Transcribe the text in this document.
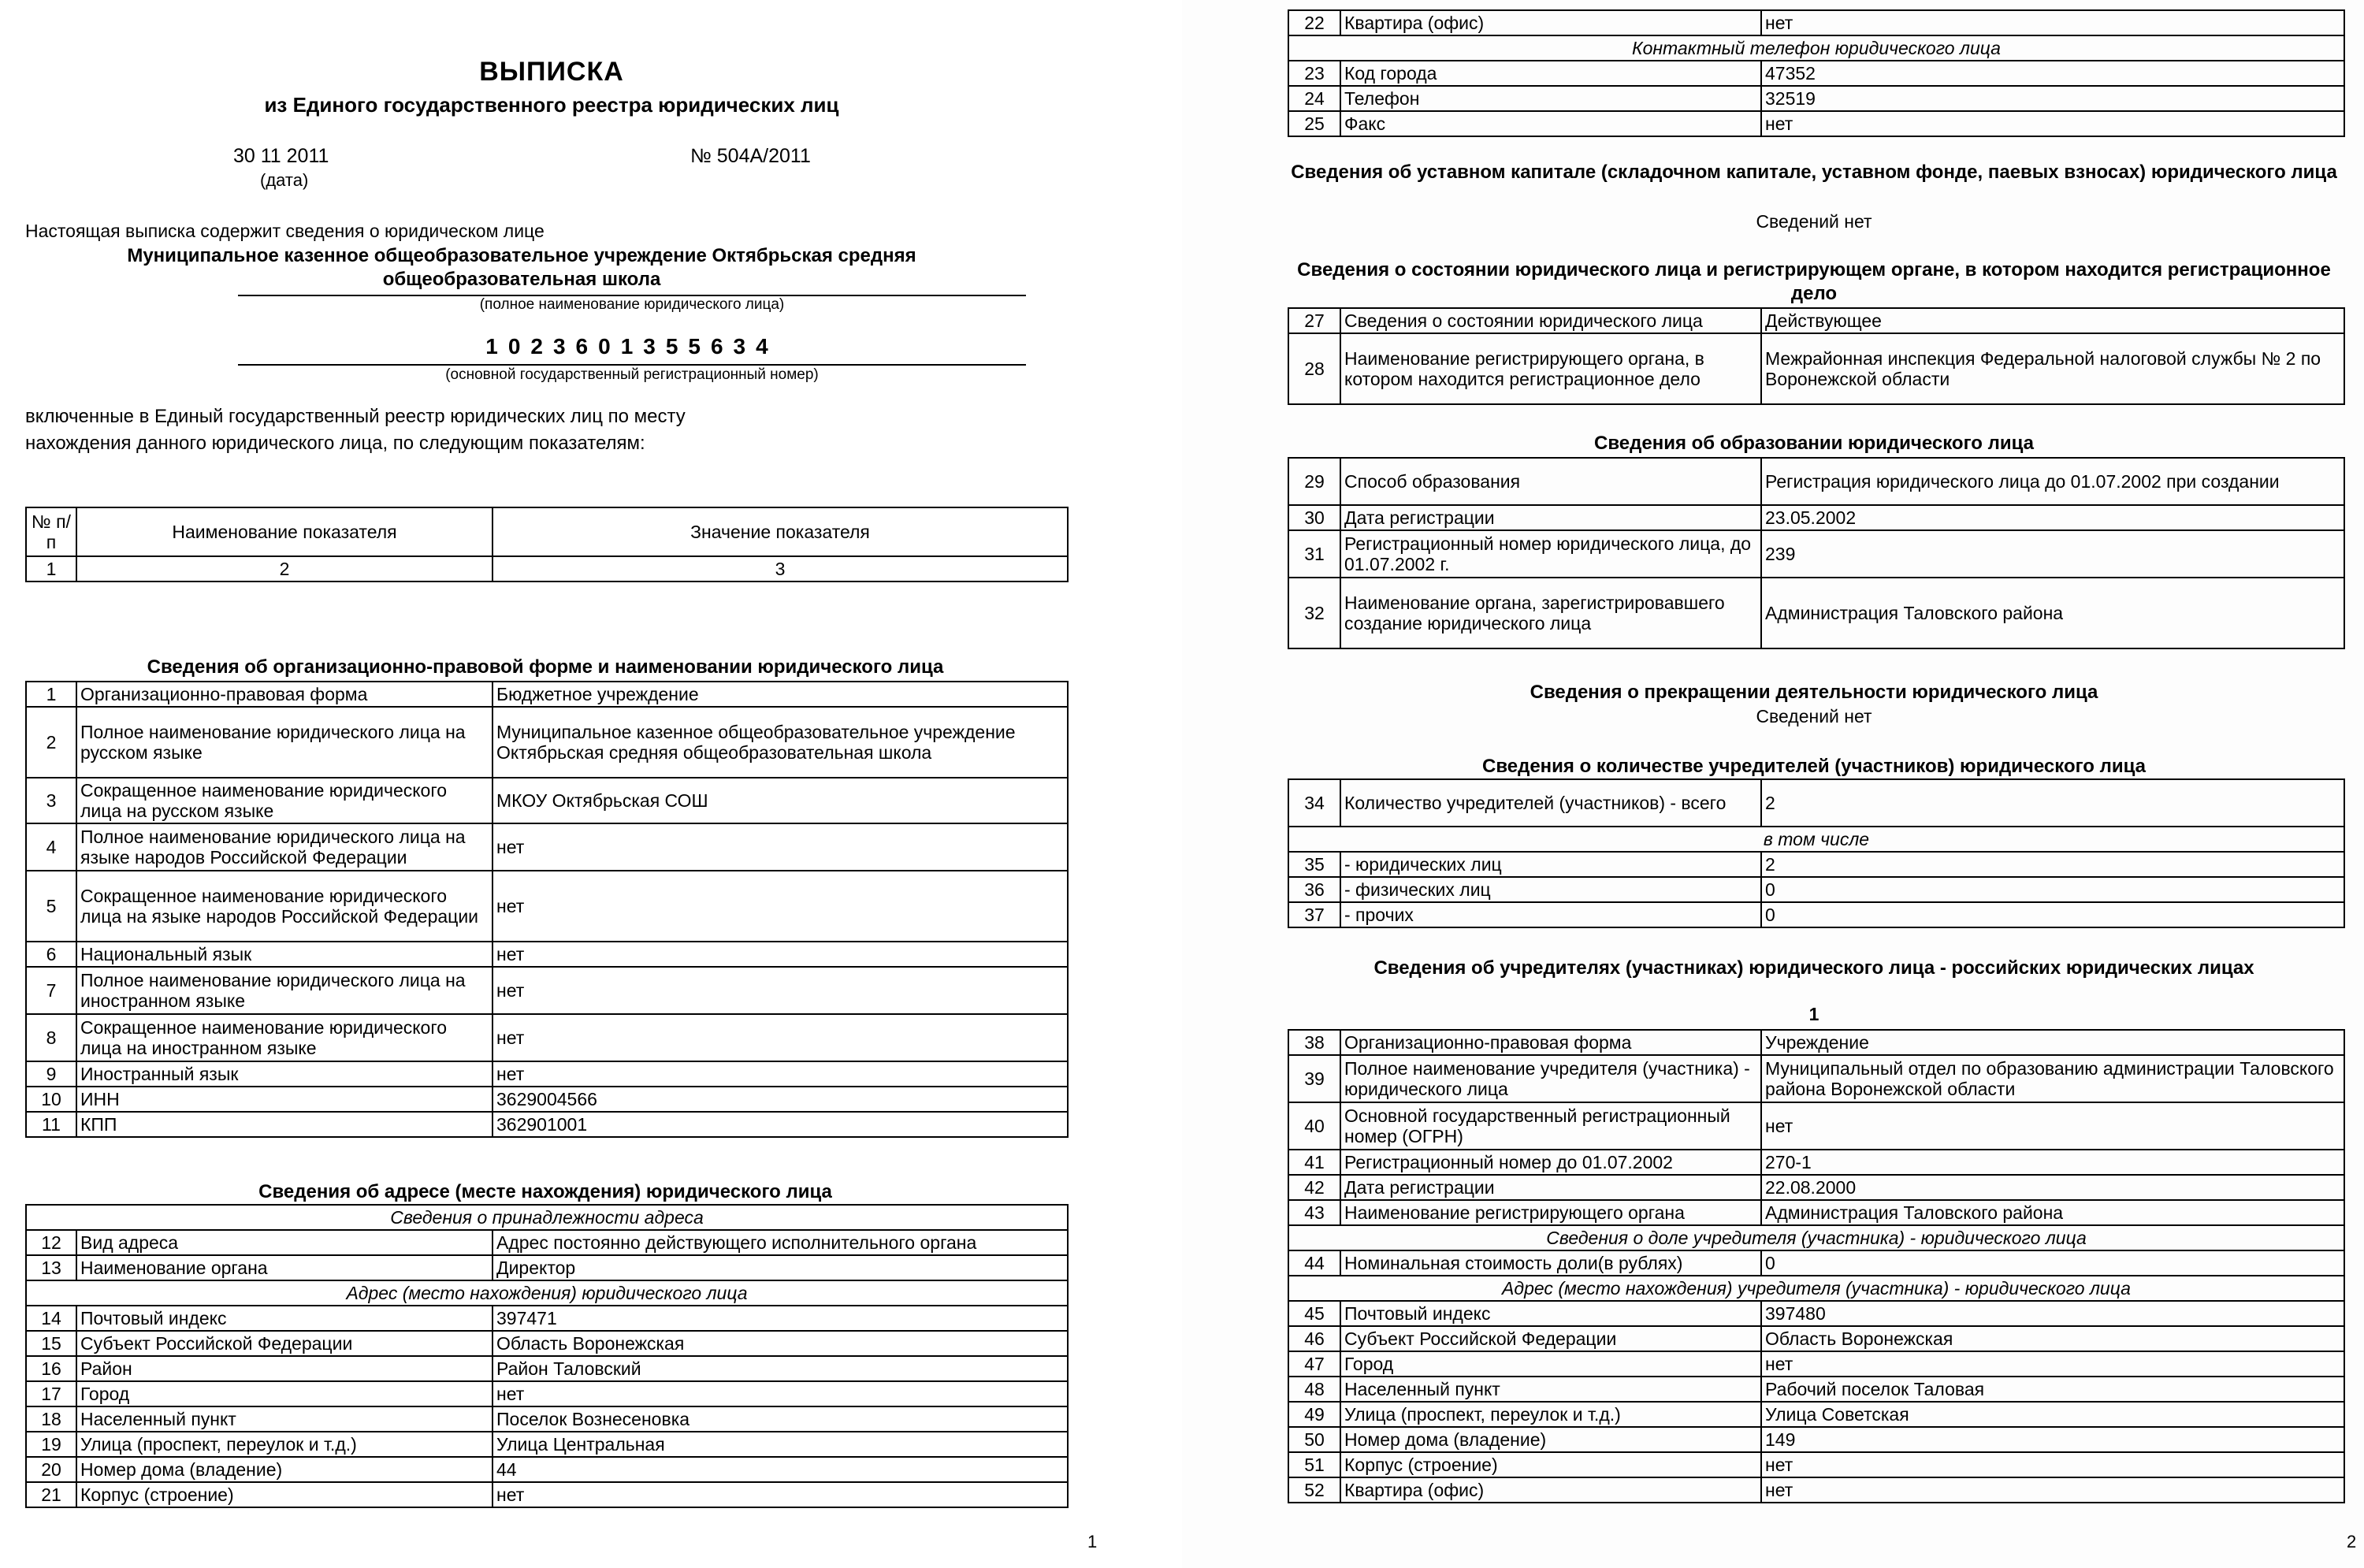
ВЫПИСКА
из Единого государственного реестра юридических лиц
30 11 2011
(дата)
№ 504А/2011
Настоящая выписка содержит сведения о юридическом лице
Муниципальное казенное общеобразовательное учреждение Октябрьская средняя общеобразовательная школа
(полное наименование юридического лица)
1023601355634
(основной государственный регистрационный номер)
включенные в Единый государственный реестр юридических лиц по месту
нахождения данного юридического лица, по следующим показателям:
№ п/п	Наименование показателя	Значение показателя
1	2	3
Сведения об организационно-правовой форме и наименовании юридического лица
1	Организационно-правовая форма	Бюджетное учреждение
2	Полное наименование юридического лица на русском языке	Муниципальное казенное общеобразовательное учреждение Октябрьская средняя общеобразовательная школа
3	Сокращенное наименование юридического лица на русском языке	МКОУ Октябрьская СОШ
4	Полное наименование юридического лица на языке народов Российской Федерации	нет
5	Сокращенное наименование юридического лица на языке народов Российской Федерации	нет
6	Национальный язык	нет
7	Полное наименование юридического лица на иностранном языке	нет
8	Сокращенное наименование юридического лица на иностранном языке	нет
9	Иностранный язык	нет
10	ИНН	3629004566
11	КПП	362901001
Сведения об адресе (месте нахождения) юридического лица
Сведения о принадлежности адреса		
12	Вид адреса	Адрес постоянно действующего исполнительного органа
13	Наименование органа	Директор
Адрес (место нахождения) юридического лица		
14	Почтовый индекс	397471
15	Субъект Российской Федерации	Область Воронежская
16	Район	Район Таловский
17	Город	нет
18	Населенный пункт	Поселок Вознесеновка
19	Улица (проспект, переулок и т.д.)	Улица Центральная
20	Номер дома (владение)	44
21	Корпус (строение)	нет
1
22	Квартира (офис)	нет
Контактный телефон юридического лица		
23	Код города	47352
24	Телефон	32519
25	Факс	нет
Сведения об уставном капитале (складочном капитале, уставном фонде, паевых взносах) юридического лица
Сведений нет
Сведения о состоянии юридического лица и регистрирующем органе, в котором находится регистрационное дело
27	Сведения о состоянии юридического лица	Действующее
28	Наименование регистрирующего органа, в котором находится регистрационное дело	Межрайонная инспекция Федеральной налоговой службы № 2 по Воронежской области
Сведения об образовании юридического лица
29	Способ образования	Регистрация юридического лица до 01.07.2002 при создании
30	Дата регистрации	23.05.2002
31	Регистрационный номер юридического лица, до 01.07.2002 г.	239
32	Наименование органа, зарегистрировавшего создание юридического лица	Администрация Таловского района
Сведения о прекращении деятельности юридического лица
Сведений нет
Сведения о количестве учредителей (участников) юридического лица
34	Количество учредителей (участников) - всего	2
в том числе		
35	- юридических лиц	2
36	- физических лиц	0
37	- прочих	0
Сведения об учредителях (участниках) юридического лица - российских юридических лицах
1
38	Организационно-правовая форма	Учреждение
39	Полное наименование учредителя (участника) - юридического лица	Муниципальный отдел по образованию администрации Таловского района Воронежской области
40	Основной государственный регистрационный номер (ОГРН)	нет
41	Регистрационный номер до 01.07.2002	270-1
42	Дата регистрации	22.08.2000
43	Наименование регистрирующего органа	Администрация Таловского района
Сведения о доле учредителя (участника) - юридического лица		
44	Номинальная стоимость доли(в рублях)	0
Адрес (место нахождения) учредителя (участника) - юридического лица		
45	Почтовый индекс	397480
46	Субъект Российской Федерации	Область Воронежская
47	Город	нет
48	Населенный пункт	Рабочий поселок Таловая
49	Улица (проспект, переулок и т.д.)	Улица Советская
50	Номер дома (владение)	149
51	Корпус (строение)	нет
52	Квартира (офис)	нет
2
